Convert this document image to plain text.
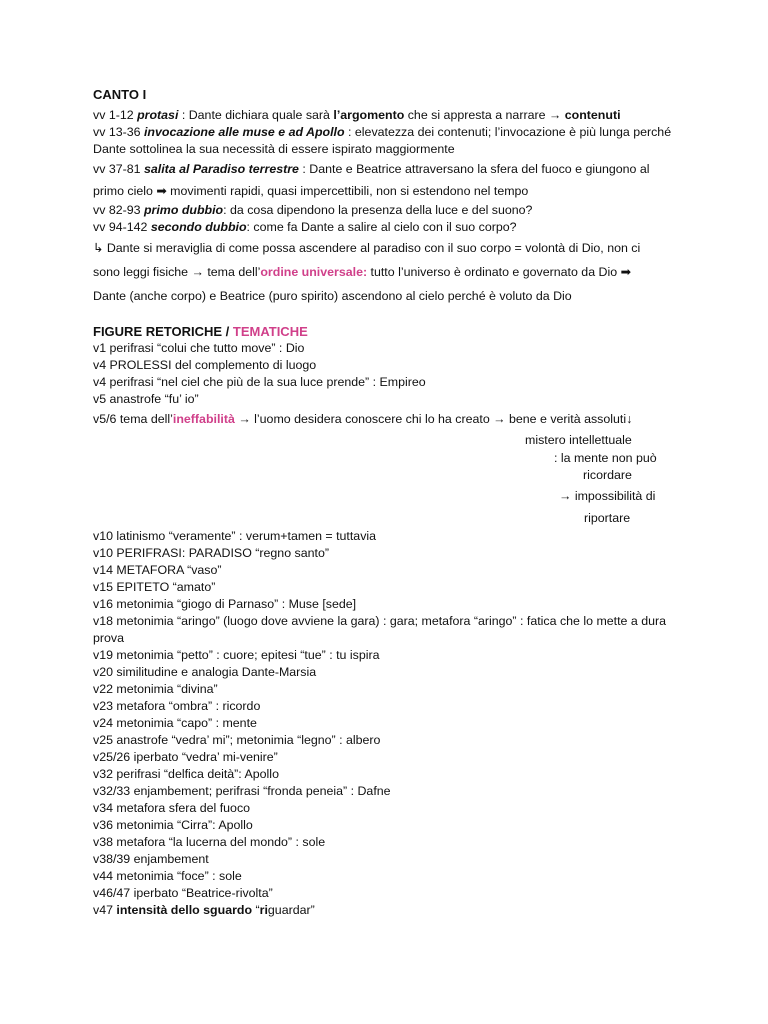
CANTO I
vv 1-12 protasi : Dante dichiara quale sarà l’argomento che si appresta a narrare → contenuti
vv 13-36 invocazione alle muse e ad Apollo : elevatezza dei contenuti; l’invocazione è più lunga perché Dante sottolinea la sua necessità di essere ispirato maggiormente
vv 37-81 salita al Paradiso terrestre : Dante e Beatrice attraversano la sfera del fuoco e giungono al
primo cielo ➡ movimenti rapidi, quasi impercettibili, non si estendono nel tempo
vv 82-93 primo dubbio: da cosa dipendono la presenza della luce e del suono?
vv 94-142 secondo dubbio: come fa Dante a salire al cielo con il suo corpo?
↳ Dante si meraviglia di come possa ascendere al paradiso con il suo corpo = volontà di Dio, non ci
sono leggi fisiche → tema dell’ordine universale: tutto l’universo è ordinato e governato da Dio ➡
Dante (anche corpo) e Beatrice (puro spirito) ascendono al cielo perché è voluto da Dio
FIGURE RETORICHE / TEMATICHE
v1 perifrasi “colui che tutto move” : Dio
v4 PROLESSI del complemento di luogo
v4 perifrasi “nel ciel che più de la sua luce prende” : Empireo
v5 anastrofe “fu’ io”
v5/6 tema dell’ineffabilità → l’uomo desidera conoscere chi lo ha creato → bene e verità assoluti↓
mistero intellettuale
: la mente non può
ricordare
→ impossibilità di
riportare
v10 latinismo “veramente” : verum+tamen = tuttavia
v10 PERIFRASI: PARADISO “regno santo”
v14 METAFORA “vaso”
v15 EPITETO “amato”
v16 metonimia “giogo di Parnaso” : Muse [sede]
v18 metonimia “aringo” (luogo dove avviene la gara) : gara; metafora “aringo” : fatica che lo mette a dura prova
v19 metonimia “petto” : cuore; epitesi “tue” : tu ispira
v20 similitudine e analogia Dante-Marsia
v22 metonimia “divina”
v23 metafora “ombra” : ricordo
v24 metonimia “capo” : mente
v25 anastrofe “vedra’ mi”; metonimia “legno” : albero
v25/26 iperbato “vedra’ mi-venire”
v32 perifrasi “delfica deità”: Apollo
v32/33 enjambement; perifrasi “fronda peneia” : Dafne
v34 metafora sfera del fuoco
v36 metonimia “Cirra”: Apollo
v38 metafora “la lucerna del mondo” : sole
v38/39 enjambement
v44 metonimia “foce” : sole
v46/47 iperbato “Beatrice-rivolta”
v47 intensità dello sguardo “riguardar”
